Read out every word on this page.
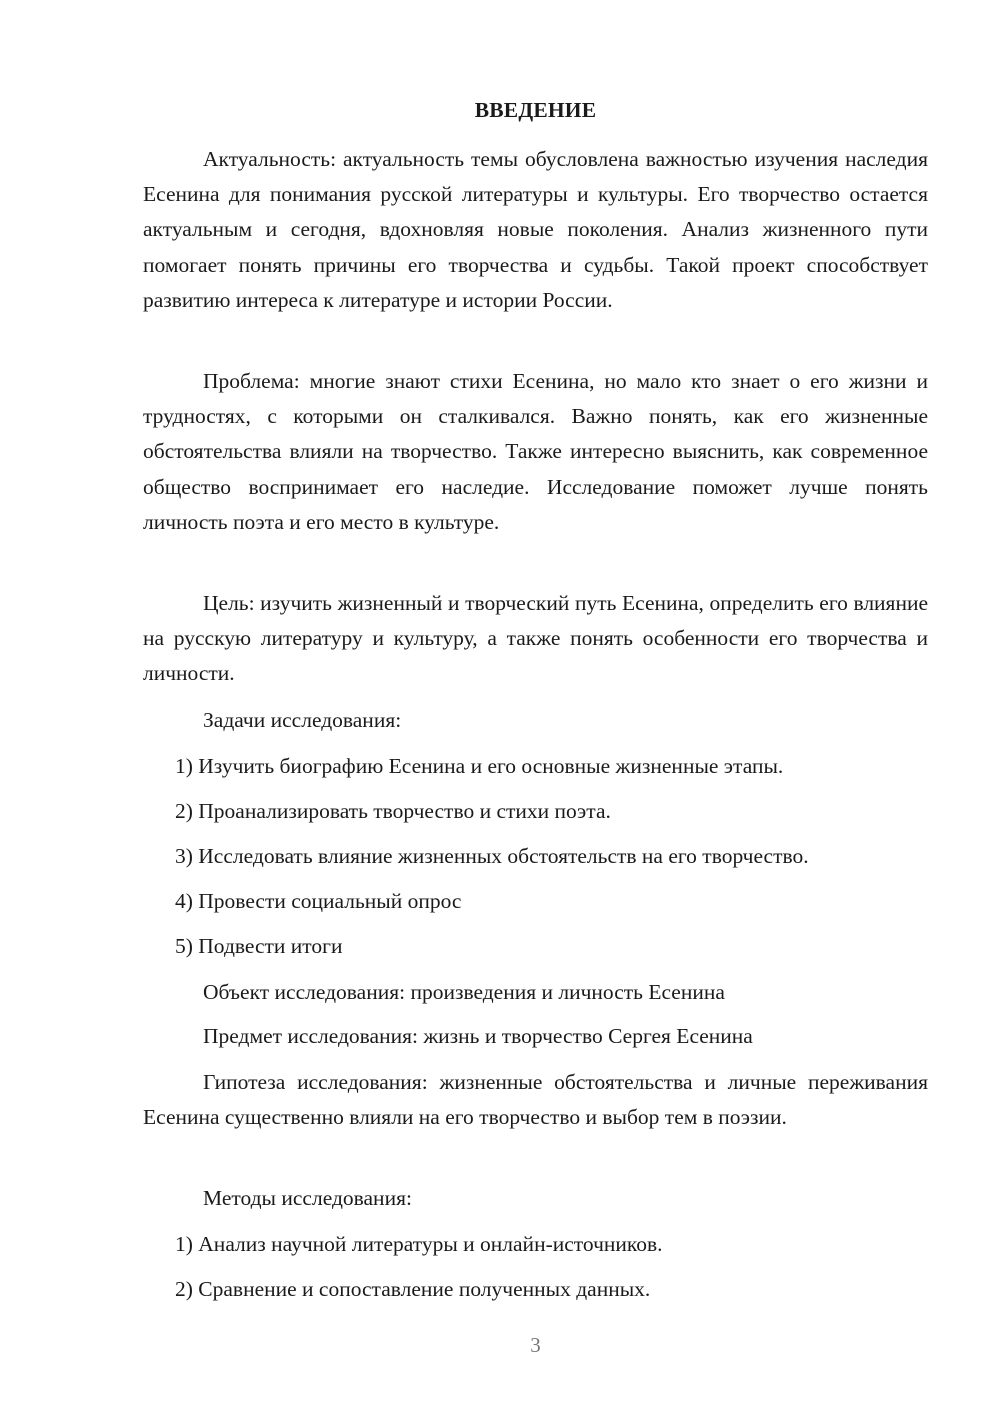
ВВЕДЕНИЕ

Актуальность: актуальность темы обусловлена важностью изучения наследия Есенина для понимания русской литературы и культуры. Его творчество остается актуальным и сегодня, вдохновляя новые поколения. Анализ жизненного пути помогает понять причины его творчества и судьбы. Такой проект способствует развитию интереса к литературе и истории России.

Проблема: многие знают стихи Есенина, но мало кто знает о его жизни и трудностях, с которыми он сталкивался. Важно понять, как его жизненные обстоятельства влияли на творчество. Также интересно выяснить, как современное общество воспринимает его наследие. Исследование поможет лучше понять личность поэта и его место в культуре.

Цель: изучить жизненный и творческий путь Есенина, определить его влияние на русскую литературу и культуру, а также понять особенности его творчества и личности.

Задачи исследования:
1) Изучить биографию Есенина и его основные жизненные этапы.
2) Проанализировать творчество и стихи поэта.
3) Исследовать влияние жизненных обстоятельств на его творчество.
4) Провести социальный опрос
5) Подвести итоги
Объект исследования: произведения и личность Есенина
Предмет исследования: жизнь и творчество Сергея Есенина

Гипотеза исследования: жизненные обстоятельства и личные переживания Есенина существенно влияли на его творчество и выбор тем в поэзии.

Методы исследования:
1) Анализ научной литературы и онлайн-источников.
2) Сравнение и сопоставление полученных данных.
3
